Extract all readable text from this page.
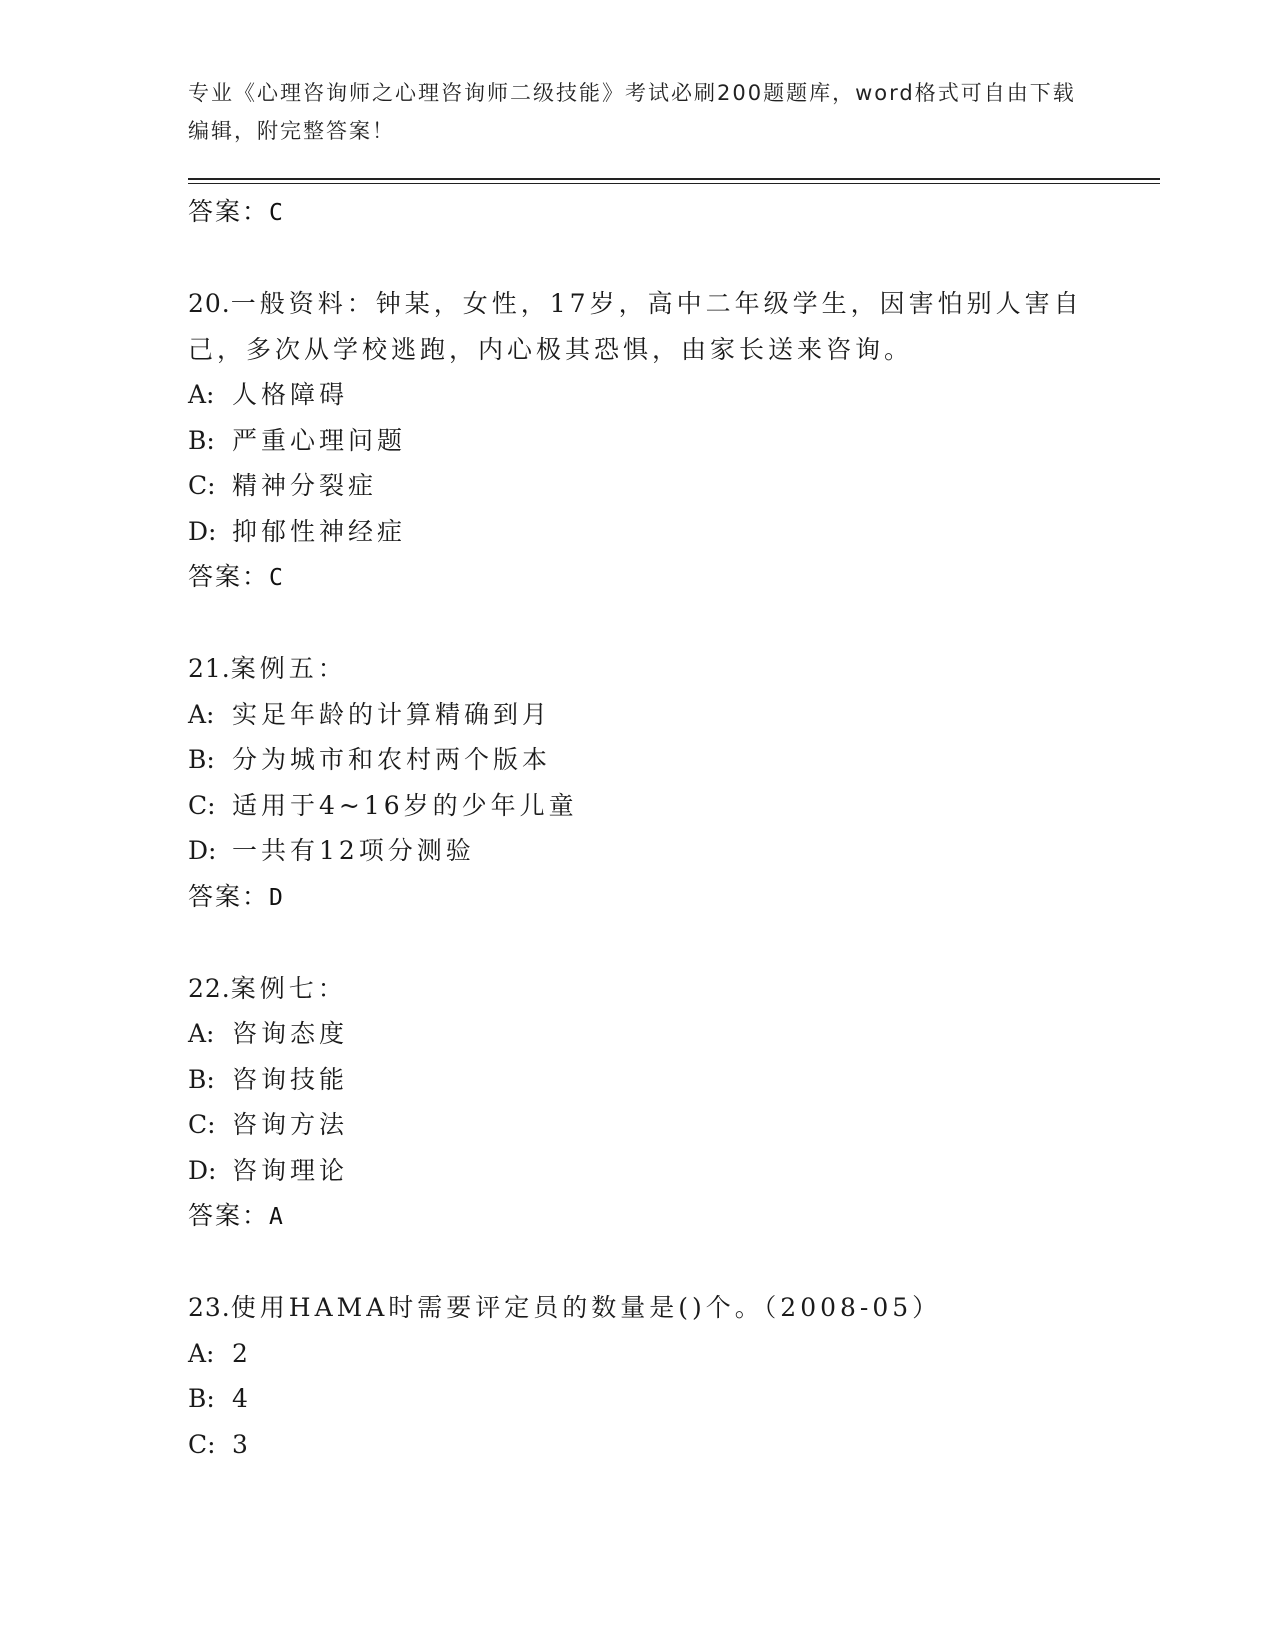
专业《心理咨询师之心理咨询师二级技能》考试必刷200题题库，word格式可自由下载编辑，附完整答案！
答案：C
20.一般资料：钟某，女性，17岁，高中二年级学生，因害怕别人害自己，多次从学校逃跑，内心极其恐惧，由家长送来咨询。
A: 人格障碍
B: 严重心理问题
C: 精神分裂症
D: 抑郁性神经症
答案：C
21.案例五：
A: 实足年龄的计算精确到月
B: 分为城市和农村两个版本
C: 适用于4~16岁的少年儿童
D: 一共有12项分测验
答案：D
22.案例七：
A: 咨询态度
B: 咨询技能
C: 咨询方法
D: 咨询理论
答案：A
23.使用HAMA时需要评定员的数量是()个。（2008-05）
A: 2
B: 4
C: 3
